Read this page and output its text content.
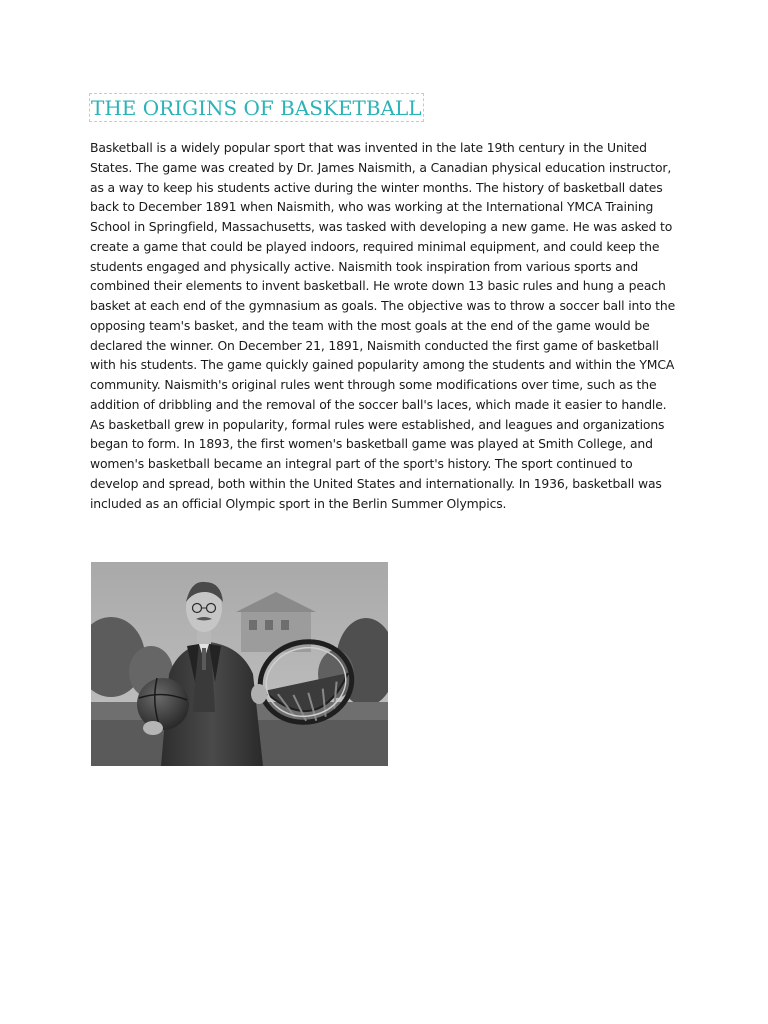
THE ORIGINS OF BASKETBALL

Basketball is a widely popular sport that was invented in the late 19th century in the United States. The game was created by Dr. James Naismith, a Canadian physical education instructor, as a way to keep his students active during the winter months. The history of basketball dates back to December 1891 when Naismith, who was working at the International YMCA Training School in Springfield, Massachusetts, was tasked with developing a new game. He was asked to create a game that could be played indoors, required minimal equipment, and could keep the students engaged and physically active. Naismith took inspiration from various sports and combined their elements to invent basketball. He wrote down 13 basic rules and hung a peach basket at each end of the gymnasium as goals. The objective was to throw a soccer ball into the opposing team's basket, and the team with the most goals at the end of the game would be declared the winner. On December 21, 1891, Naismith conducted the first game of basketball with his students. The game quickly gained popularity among the students and within the YMCA community. Naismith's original rules went through some modifications over time, such as the addition of dribbling and the removal of the soccer ball's laces, which made it easier to handle. As basketball grew in popularity, formal rules were established, and leagues and organizations began to form. In 1893, the first women's basketball game was played at Smith College, and women's basketball became an integral part of the sport's history. The sport continued to develop and spread, both within the United States and internationally. In 1936, basketball was included as an official Olympic sport in the Berlin Summer Olympics.
